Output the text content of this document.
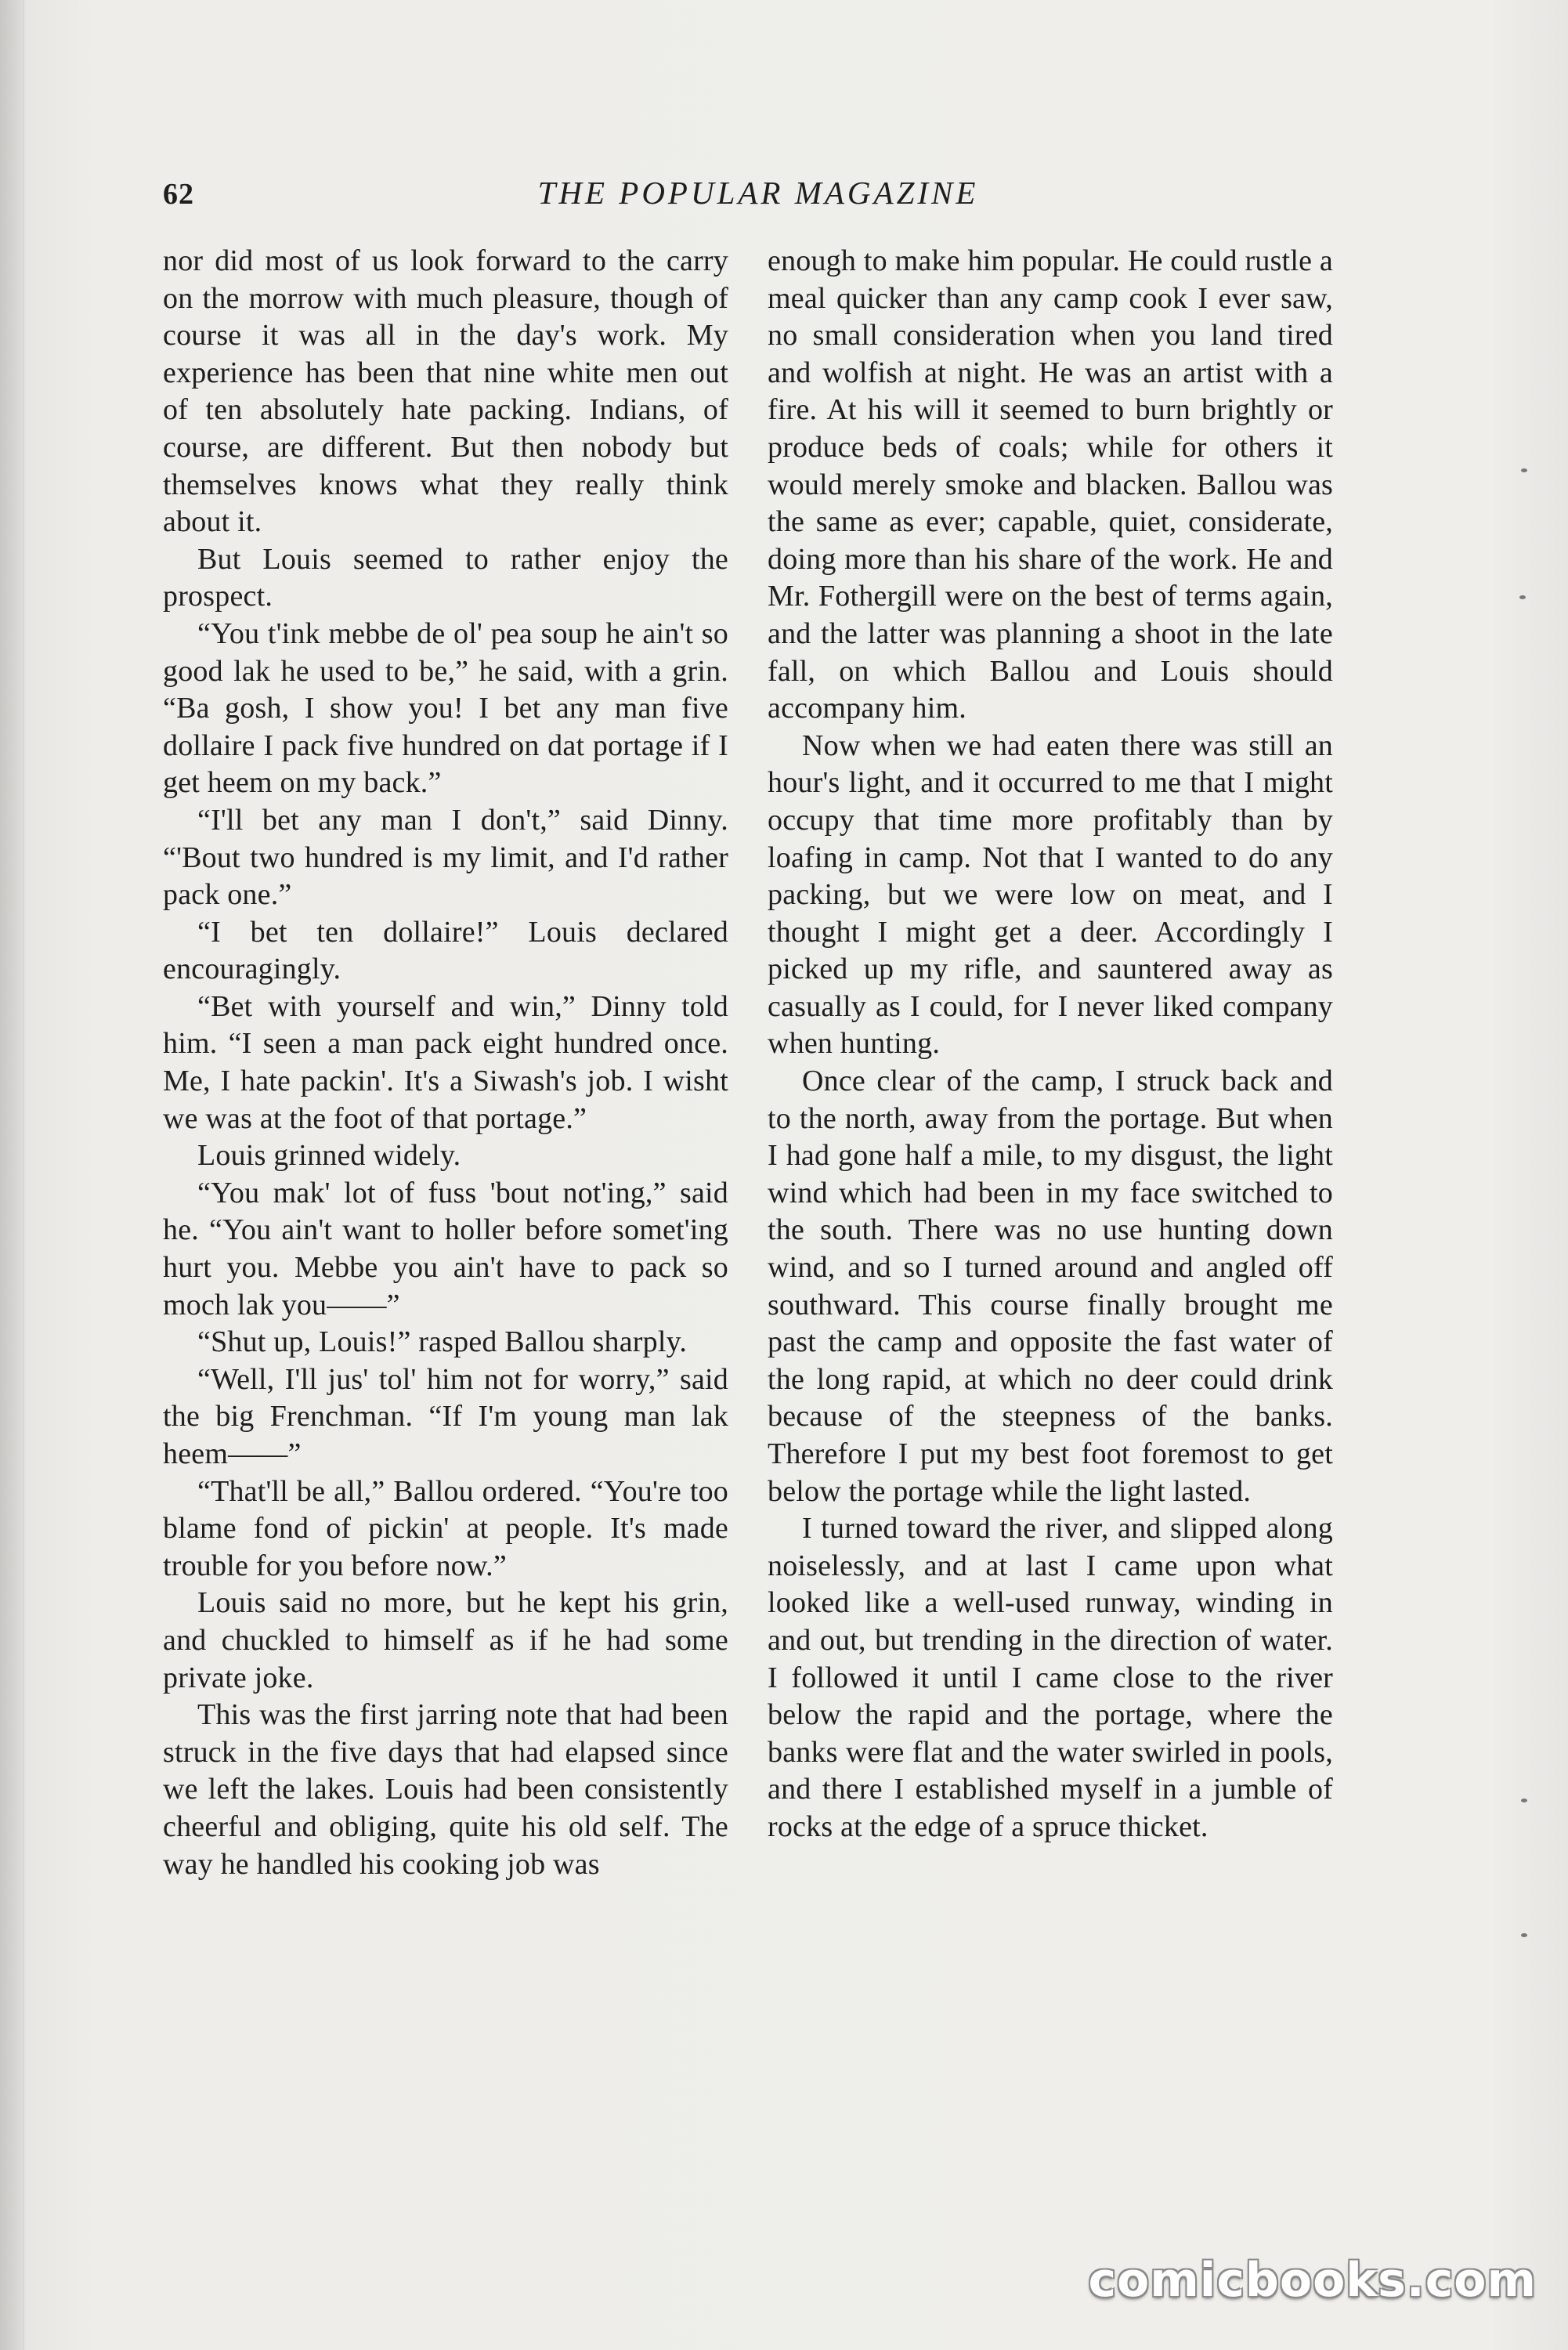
62	THE POPULAR MAGAZINE

nor did most of us look forward to the carry on the morrow with much pleasure, though of course it was all in the day's work. My experience has been that nine white men out of ten absolutely hate packing. Indians, of course, are different. But then nobody but themselves knows what they really think about it.

But Louis seemed to rather enjoy the prospect.

“You t'ink mebbe de ol' pea soup he ain't so good lak he used to be,” he said, with a grin. “Ba gosh, I show you! I bet any man five dollaire I pack five hundred on dat portage if I get heem on my back.”

“I'll bet any man I don't,” said Dinny. “'Bout two hundred is my limit, and I'd rather pack one.”

“I bet ten dollaire!” Louis declared encouragingly.

“Bet with yourself and win,” Dinny told him. “I seen a man pack eight hundred once. Me, I hate packin'. It's a Siwash's job. I wisht we was at the foot of that portage.”

Louis grinned widely.

“You mak' lot of fuss 'bout not'ing,” said he. “You ain't want to holler before somet'ing hurt you. Mebbe you ain't have to pack so moch lak you——”

“Shut up, Louis!” rasped Ballou sharply.

“Well, I'll jus' tol' him not for worry,” said the big Frenchman. “If I'm young man lak heem——”

“That'll be all,” Ballou ordered. “You're too blame fond of pickin' at people. It's made trouble for you before now.”

Louis said no more, but he kept his grin, and chuckled to himself as if he had some private joke.

This was the first jarring note that had been struck in the five days that had elapsed since we left the lakes. Louis had been consistently cheerful and obliging, quite his old self. The way he handled his cooking job was

enough to make him popular. He could rustle a meal quicker than any camp cook I ever saw, no small consideration when you land tired and wolfish at night. He was an artist with a fire. At his will it seemed to burn brightly or produce beds of coals; while for others it would merely smoke and blacken. Ballou was the same as ever; capable, quiet, considerate, doing more than his share of the work. He and Mr. Fothergill were on the best of terms again, and the latter was planning a shoot in the late fall, on which Ballou and Louis should accompany him.

Now when we had eaten there was still an hour's light, and it occurred to me that I might occupy that time more profitably than by loafing in camp. Not that I wanted to do any packing, but we were low on meat, and I thought I might get a deer. Accordingly I picked up my rifle, and sauntered away as casually as I could, for I never liked company when hunting.

Once clear of the camp, I struck back and to the north, away from the portage. But when I had gone half a mile, to my disgust, the light wind which had been in my face switched to the south. There was no use hunting down wind, and so I turned around and angled off southward. This course finally brought me past the camp and opposite the fast water of the long rapid, at which no deer could drink because of the steepness of the banks. Therefore I put my best foot foremost to get below the portage while the light lasted.

I turned toward the river, and slipped along noiselessly, and at last I came upon what looked like a well-used runway, winding in and out, but trending in the direction of water. I followed it until I came close to the river below the rapid and the portage, where the banks were flat and the water swirled in pools, and there I established myself in a jumble of rocks at the edge of a spruce thicket.

comicbooks.com
